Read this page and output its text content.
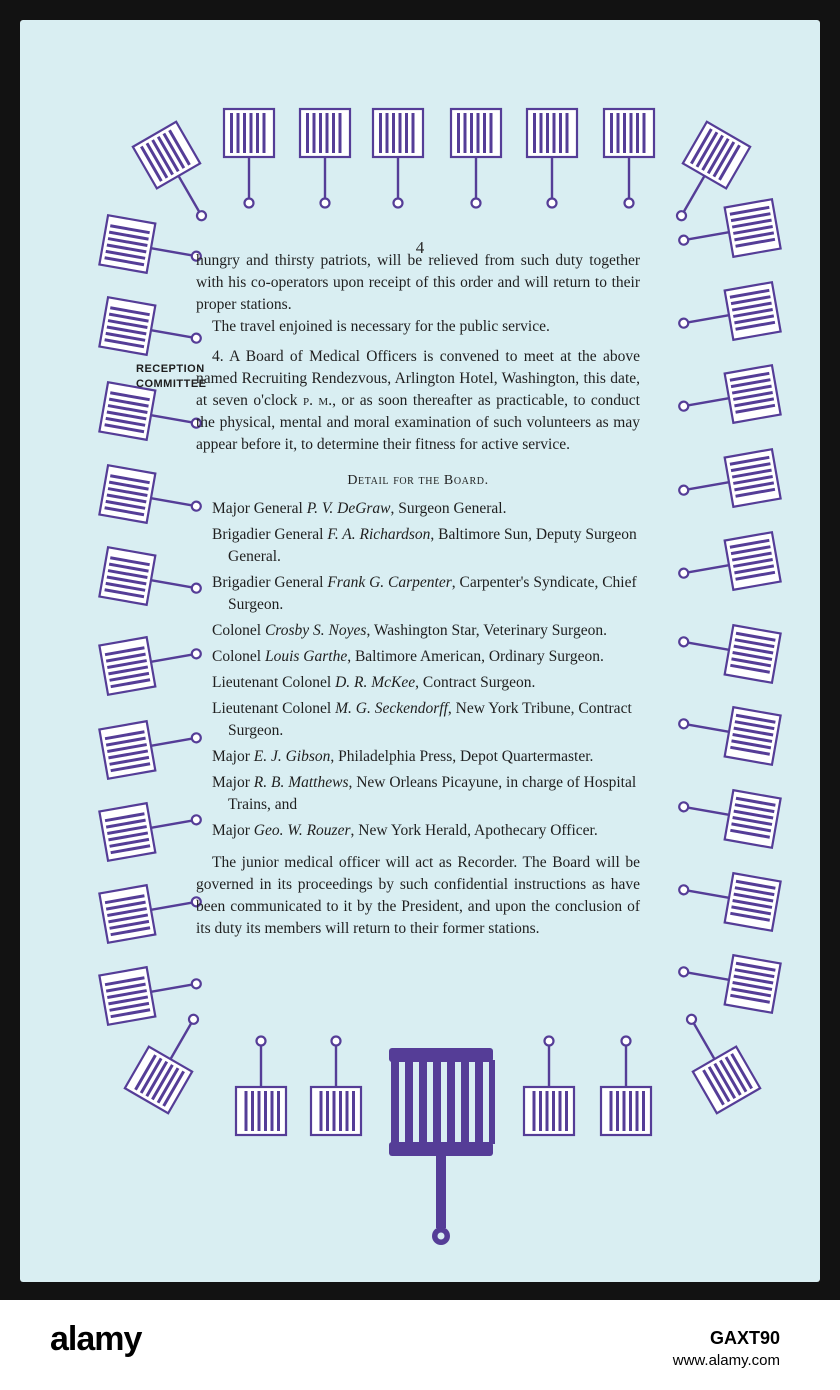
4
RECEPTION
COMMITTEE

hungry and thirsty patriots, will be relieved from such duty together with his co-operators upon receipt of this order and will return to their proper stations.

The travel enjoined is necessary for the public service.

4. A Board of Medical Officers is convened to meet at the above named Recruiting Rendezvous, Arlington Hotel, Washington, this date, at seven o'clock p. m., or as soon thereafter as practicable, to conduct the physical, mental and moral examination of such volunteers as may appear before it, to determine their fitness for active service.

Detail for the Board.

Major General P. V. DeGraw, Surgeon General.

Brigadier General F. A. Richardson, Baltimore Sun, Deputy Surgeon General.

Brigadier General Frank G. Carpenter, Carpenter's Syndicate, Chief Surgeon.

Colonel Crosby S. Noyes, Washington Star, Veterinary Surgeon.

Colonel Louis Garthe, Baltimore American, Ordinary Surgeon.

Lieutenant Colonel D. R. McKee, Contract Surgeon.

Lieutenant Colonel M. G. Seckendorff, New York Tribune, Contract Surgeon.

Major E. J. Gibson, Philadelphia Press, Depot Quartermaster.

Major R. B. Matthews, New Orleans Picayune, in charge of Hospital Trains, and

Major Geo. W. Rouzer, New York Herald, Apothecary Officer.

The junior medical officer will act as Recorder. The Board will be governed in its proceedings by such confidential instructions as have been communicated to it by the President, and upon the conclusion of its duty its members will return to their former stations.

alamy	GAXT90
www.alamy.com
